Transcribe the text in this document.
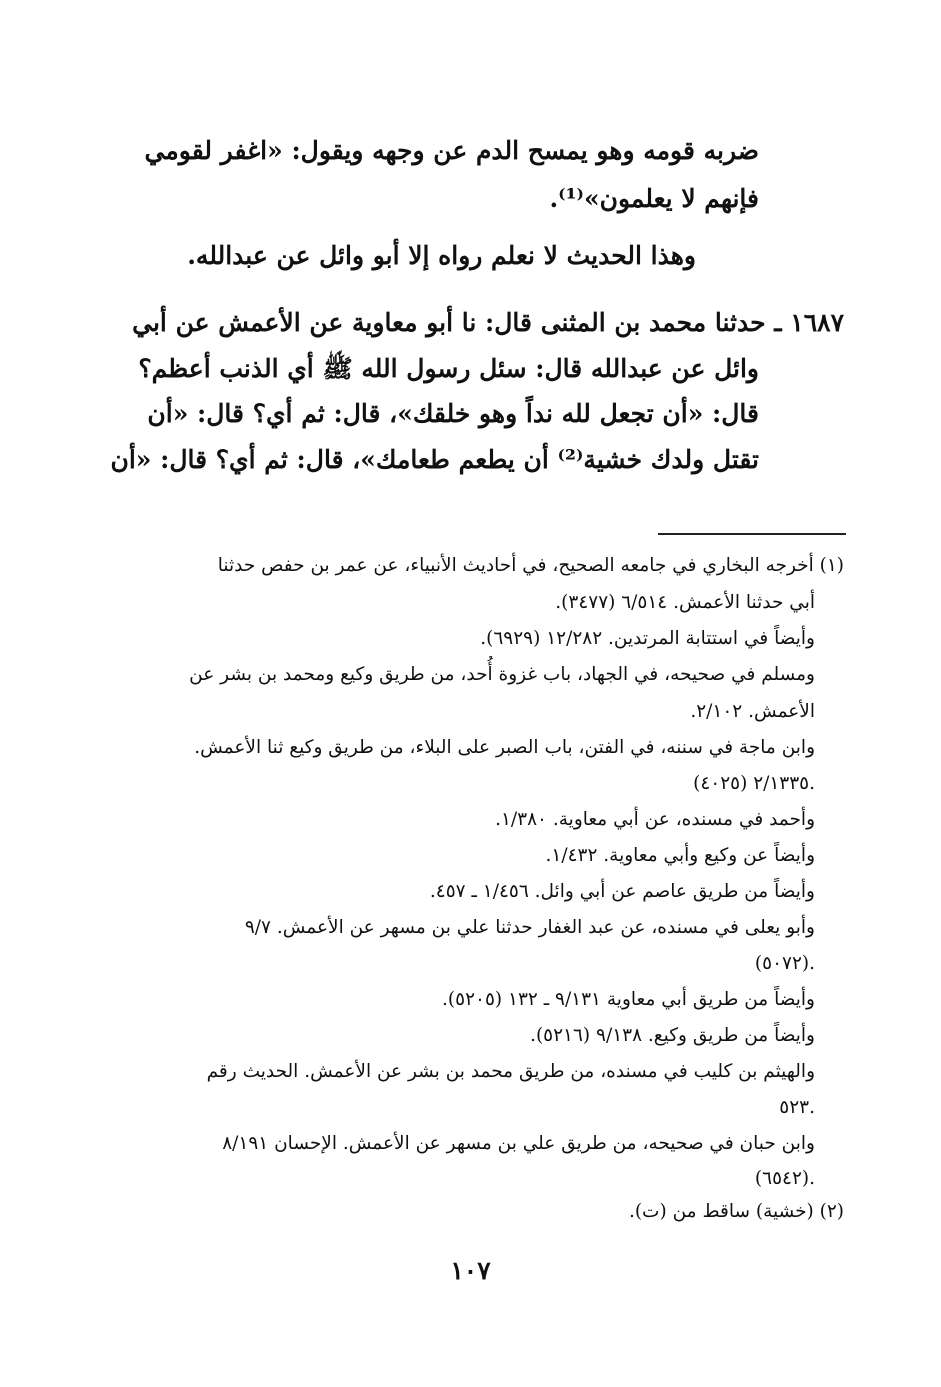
ضربه قومه وهو يمسح الدم عن وجهه ويقول: «اغفر لقومي
فإنهم لا يعلمون»⁽¹⁾.
وهذا الحديث لا نعلم رواه إلا أبو وائل عن عبدالله.
١٦٨٧ ـ حدثنا محمد بن المثنى قال: نا أبو معاوية عن الأعمش عن أبي
وائل عن عبدالله قال: سئل رسول الله ﷺ أي الذنب أعظم؟
قال: «أن تجعل لله نداً وهو خلقك»، قال: ثم أي؟ قال: «أن
تقتل ولدك خشية⁽²⁾ أن يطعم طعامك»، قال: ثم أي؟ قال: «أن
(١) أخرجه البخاري في جامعه الصحيح، في أحاديث الأنبياء، عن عمر بن حفص حدثنا
أبي حدثنا الأعمش. ٦/٥١٤ (٣٤٧٧).
وأيضاً في استتابة المرتدين. ١٢/٢٨٢ (٦٩٢٩).
ومسلم في صحيحه، في الجهاد، باب غزوة أُحد، من طريق وكيع ومحمد بن بشر عن
الأعمش. ٢/١٠٢.
وابن ماجة في سننه، في الفتن، باب الصبر على البلاء، من طريق وكيع ثنا الأعمش.
٢/١٣٣٥ (٤٠٢٥).
وأحمد في مسنده، عن أبي معاوية. ١/٣٨٠.
وأيضاً عن وكيع وأبي معاوية. ١/٤٣٢.
وأيضاً من طريق عاصم عن أبي وائل. ١/٤٥٦ ـ ٤٥٧.
وأبو يعلى في مسنده، عن عبد الغفار حدثنا علي بن مسهر عن الأعمش. ٩/٧
(٥٠٧٢).
وأيضاً من طريق أبي معاوية ٩/١٣١ ـ ١٣٢ (٥٢٠٥).
وأيضاً من طريق وكيع. ٩/١٣٨ (٥٢١٦).
والهيثم بن كليب في مسنده، من طريق محمد بن بشر عن الأعمش. الحديث رقم
٥٢٣.
وابن حبان في صحيحه، من طريق علي بن مسهر عن الأعمش. الإحسان ٨/١٩١
(٦٥٤٢).
(٢) (خشية) ساقط من (ت).
١٠٧
